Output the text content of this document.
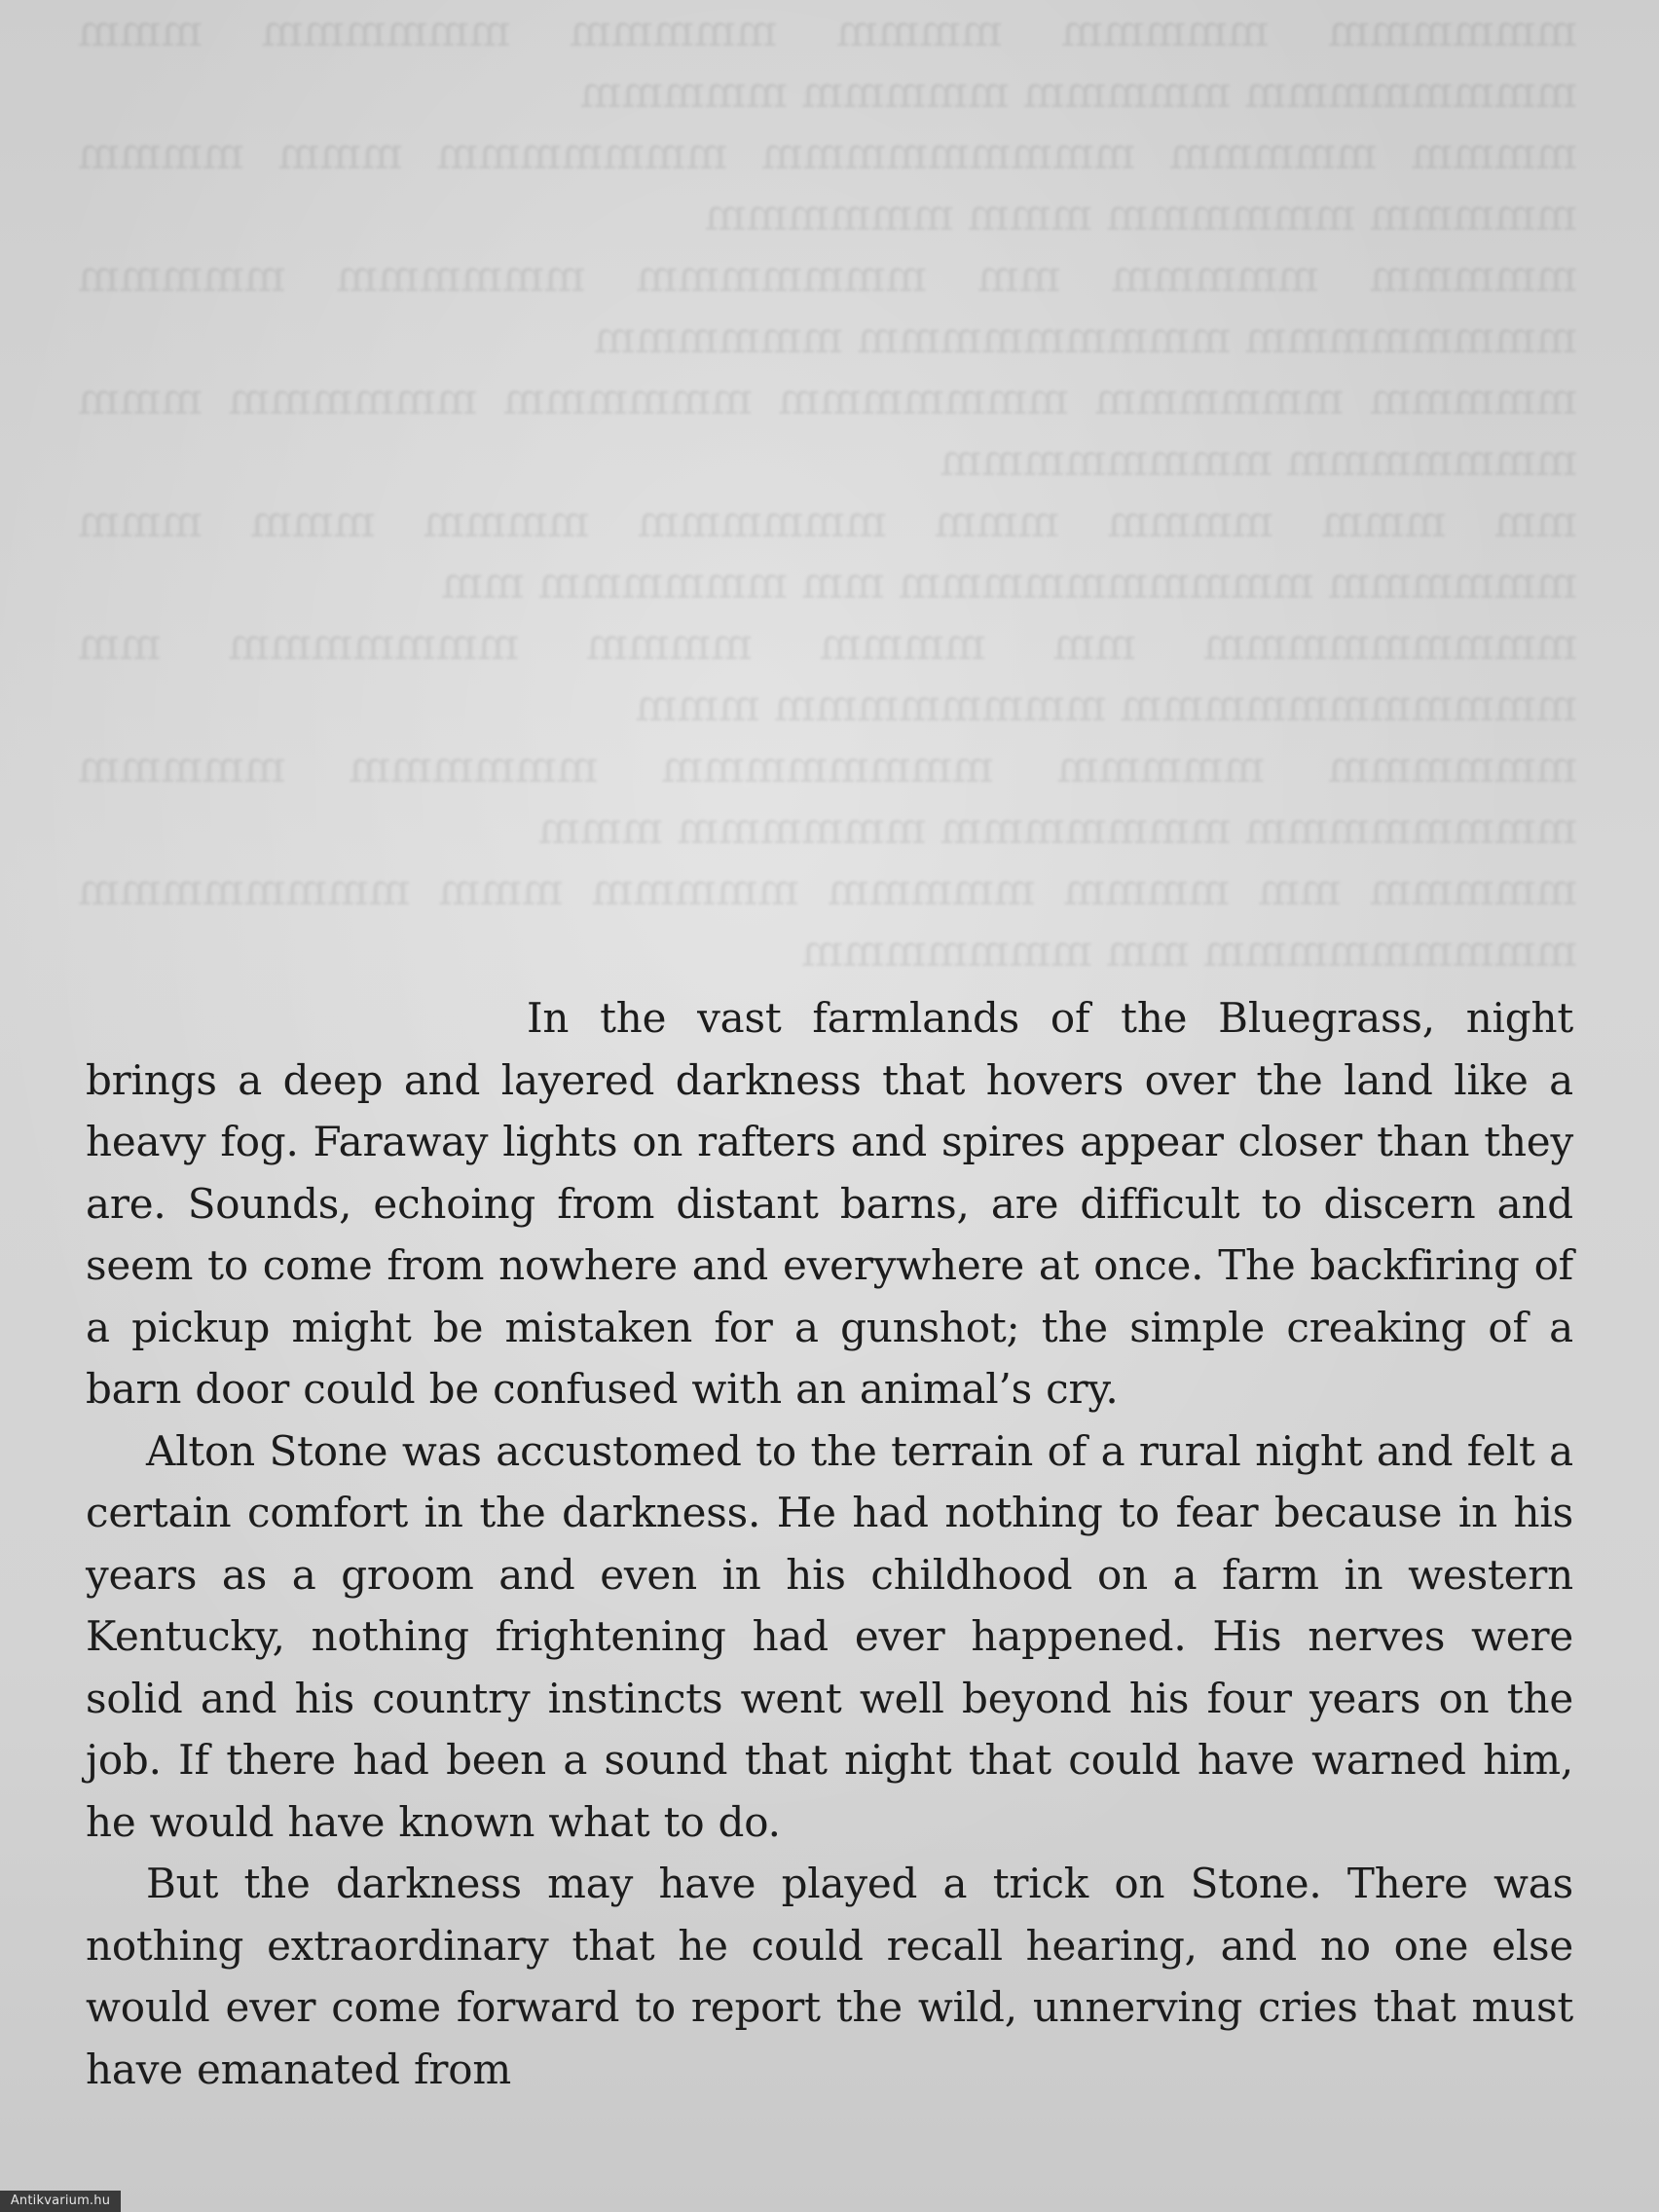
mmmmmm mmmmm mmmm mmmmm mmmmmm mmm mmmmmmmm mmmmm mmmmm mmmmm

mmmm mmmmm mmmmmmmmm mmmmmmm mmm mmmm mmmmm mmmmmm mmm mmmmmm

mmmmm mmmmm mm mmmmmmm mmmmmm mmmmm mmmmmmmm mmmmmmmmm mmmmmm

mmmmm mmmmmm mmmmmmm mmmmmm mmmmmm mmm mmmmmmm mmmmmmmm

mm mmm mmmm mmm mmmmmm mmmm mmm mmm mmmmmm mmmmmmmmmm mm mmmmmm mm

mmmmmmmmm mm mmmm mmmm mmmmmmm mm mmmmmmmmmmm mmmmmmmm mmm

mmmmmm mmmmm mmmmmmmm mmmmmm mmmmm mmmmmmmm mmmmmmm mmmmmm mmm

mmmmm mm mmmm mmmmm mmmmm mmm mmmmmmmm mmmmmmmmm mm mmmmmmm

In the vast farmlands of the Bluegrass, night brings a deep and layered darkness that hovers over the land like a heavy fog. Faraway lights on rafters and spires appear closer than they are. Sounds, echoing from distant barns, are difficult to discern and seem to come from nowhere and everywhere at once. The backfiring of a pickup might be mistaken for a gunshot; the simple creaking of a barn door could be confused with an animal’s cry.

Alton Stone was accustomed to the terrain of a rural night and felt a certain comfort in the darkness. He had nothing to fear because in his years as a groom and even in his childhood on a farm in western Kentucky, nothing frightening had ever happened. His nerves were solid and his country instincts went well beyond his four years on the job. If there had been a sound that night that could have warned him, he would have known what to do.

But the darkness may have played a trick on Stone. There was nothing extraordinary that he could recall hearing, and no one else would ever come forward to report the wild, unnerving cries that must have emanated from

Antikvarium.hu
